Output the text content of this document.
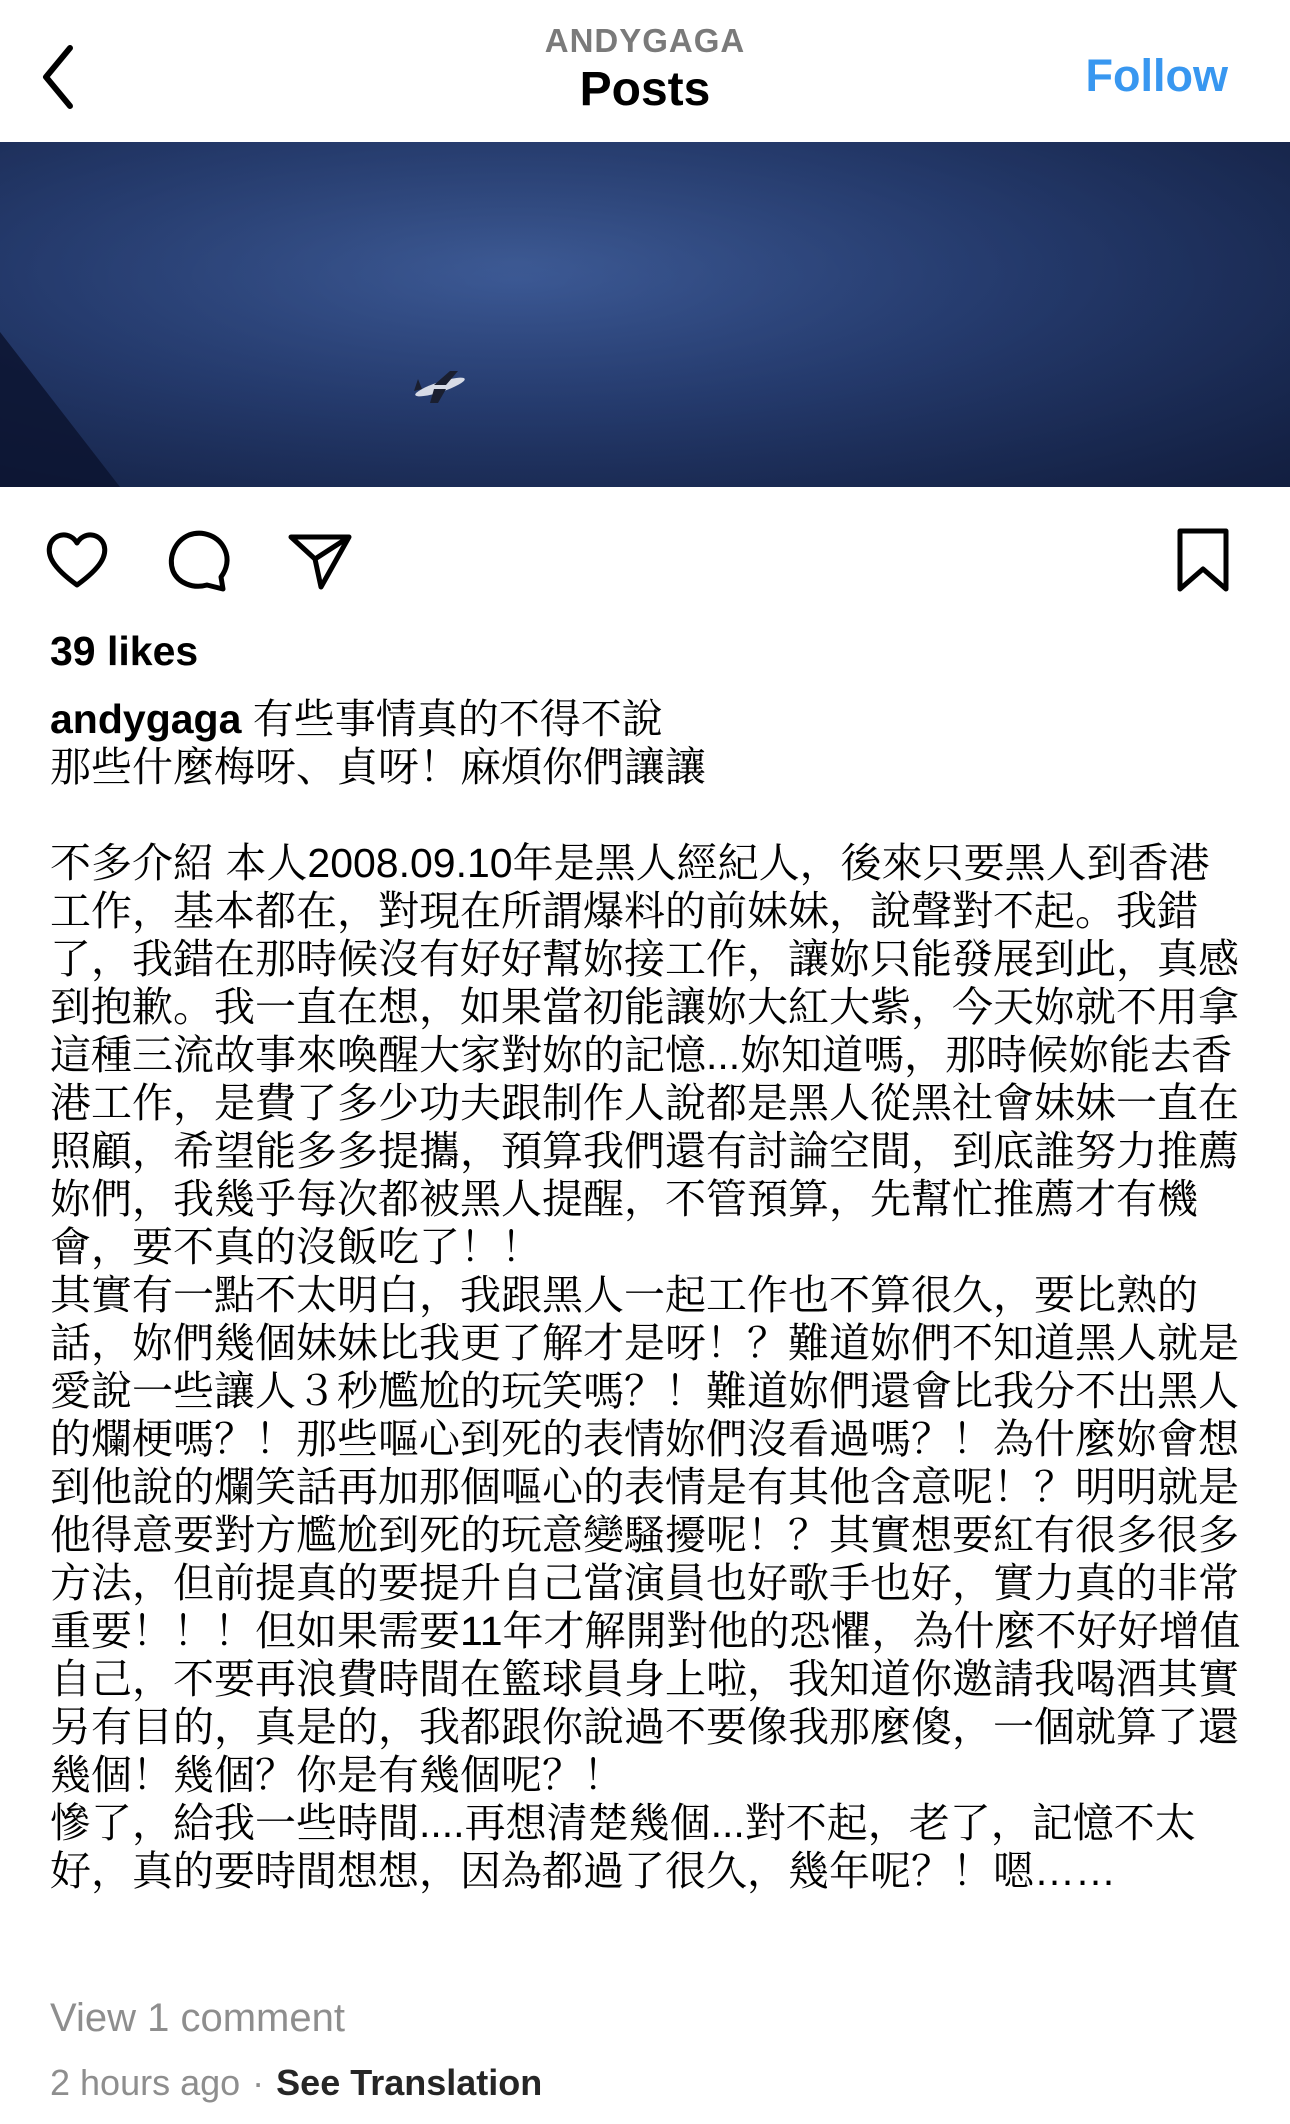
ANDYGAGA
Posts	Follow
39 likes
andygaga 有些事情真的不得不說
那些什麼梅呀、貞呀！麻煩你們讓讓

不多介紹 本人2008.09.10年是黑人經紀人，後來只要黑人到香港工作，基本都在，對現在所謂爆料的前妹妹，說聲對不起。我錯了，我錯在那時候沒有好好幫妳接工作，讓妳只能發展到此，真感到抱歉。我一直在想，如果當初能讓妳大紅大紫，今天妳就不用拿這種三流故事來喚醒大家對妳的記憶...妳知道嗎，那時候妳能去香港工作，是費了多少功夫跟制作人說都是黑人從黑社會妹妹一直在照顧，希望能多多提攜，預算我們還有討論空間，到底誰努力推薦妳們，我幾乎每次都被黑人提醒，不管預算，先幫忙推薦才有機會，要不真的沒飯吃了！！
其實有一點不太明白，我跟黑人一起工作也不算很久，要比熟的話，妳們幾個妹妹比我更了解才是呀！？難道妳們不知道黑人就是愛說一些讓人３秒尷尬的玩笑嗎？！難道妳們還會比我分不出黑人的爛梗嗎？！那些嘔心到死的表情妳們沒看過嗎？！為什麼妳會想到他說的爛笑話再加那個嘔心的表情是有其他含意呢！？明明就是他得意要對方尷尬到死的玩意變騷擾呢！？其實想要紅有很多很多方法，但前提真的要提升自己當演員也好歌手也好，實力真的非常重要！！！但如果需要11年才解開對他的恐懼，為什麼不好好增值自己，不要再浪費時間在籃球員身上啦，我知道你邀請我喝酒其實另有目的，真是的，我都跟你說過不要像我那麼傻，一個就算了還幾個！幾個？你是有幾個呢？！
慘了，給我一些時間....再想清楚幾個...對不起，老了，記憶不太好，真的要時間想想，因為都過了很久，幾年呢？！嗯……
View 1 comment
2 hours ago · See Translation
